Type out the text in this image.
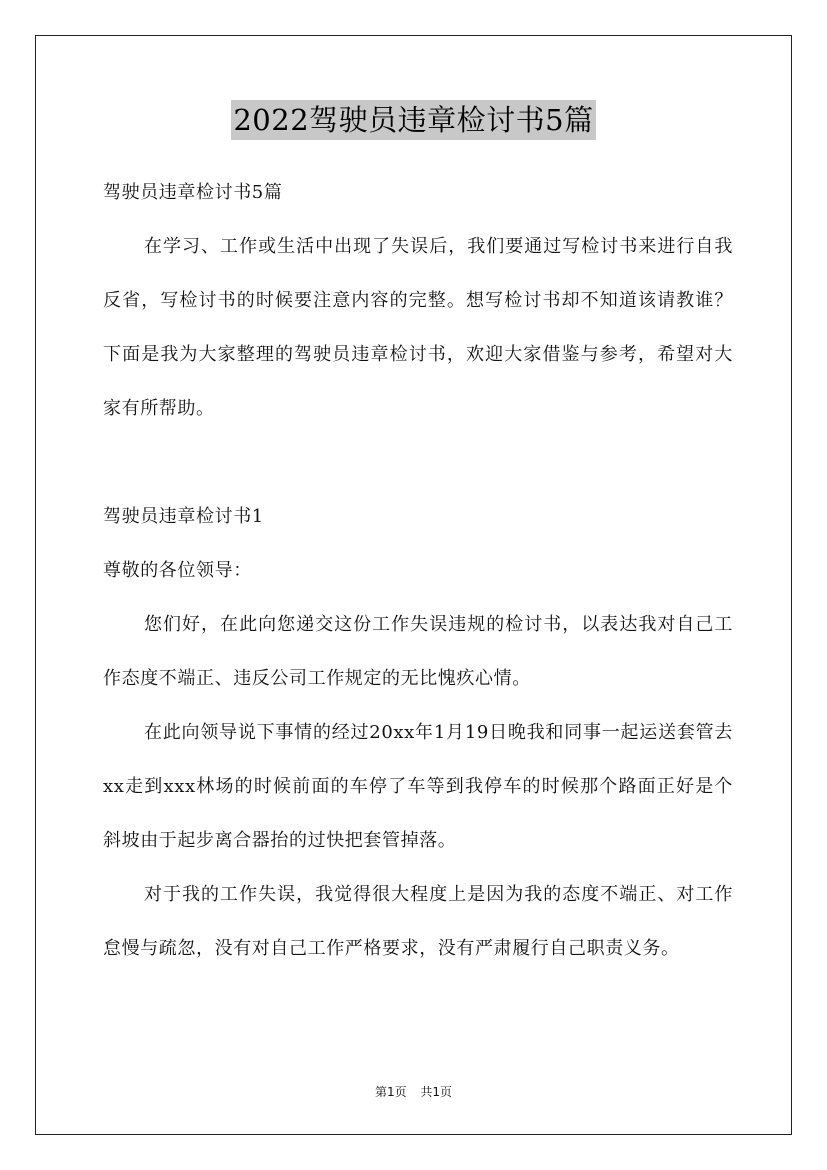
2022驾驶员违章检讨书5篇
驾驶员违章检讨书5篇

在学习、工作或生活中出现了失误后，我们要通过写检讨书来进行自我反省，写检讨书的时候要注意内容的完整。想写检讨书却不知道该请教谁？下面是我为大家整理的驾驶员违章检讨书，欢迎大家借鉴与参考，希望对大家有所帮助。

驾驶员违章检讨书1
尊敬的各位领导：

您们好，在此向您递交这份工作失误违规的检讨书，以表达我对自己工作态度不端正、违反公司工作规定的无比愧疚心情。

在此向领导说下事情的经过20xx年1月19日晚我和同事一起运送套管去xx走到xxx林场的时候前面的车停了车等到我停车的时候那个路面正好是个斜坡由于起步离合器抬的过快把套管掉落。

对于我的工作失误，我觉得很大程度上是因为我的态度不端正、对工作怠慢与疏忽，没有对自己工作严格要求，没有严肃履行自己职责义务。

第1页 共1页
